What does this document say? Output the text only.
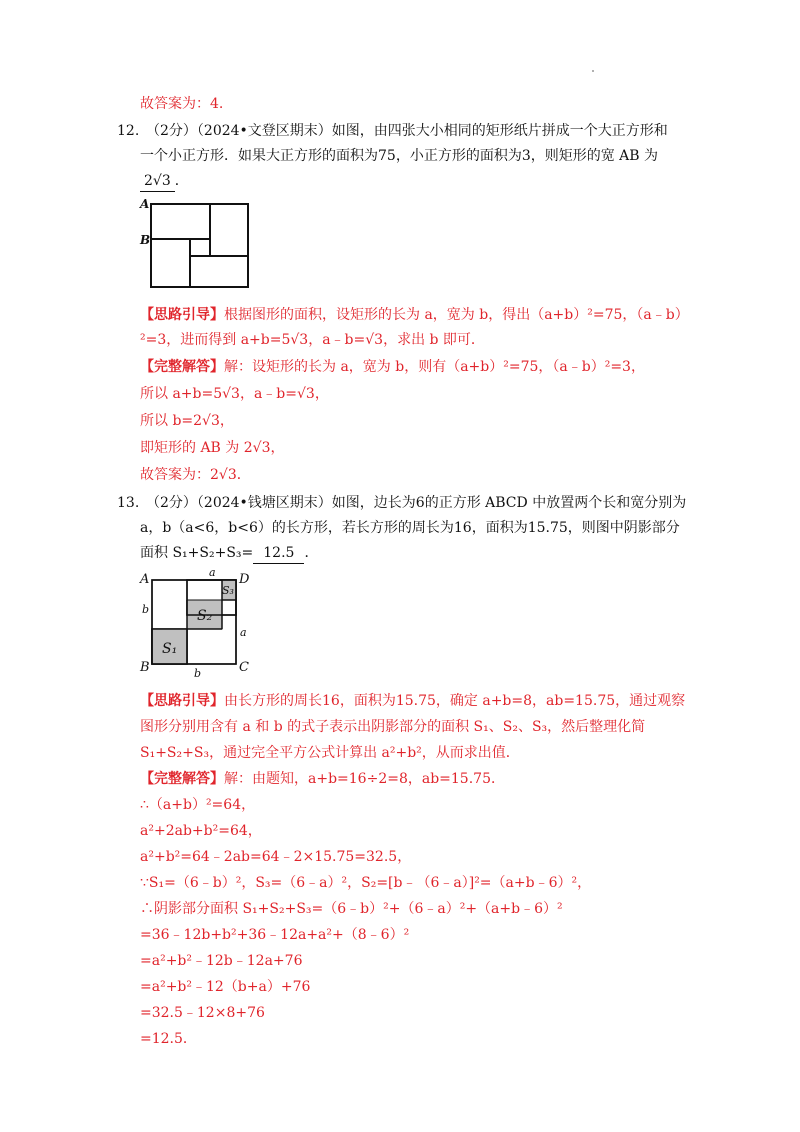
故答案为：4.
12. （2分）（2024•文登区期末）如图，由四张大小相同的矩形纸片拼成一个大正方形和
一个小正方形．如果大正方形的面积为75，小正方形的面积为3，则矩形的宽 AB 为
2√3 ．
A
B
【思路引导】根据图形的面积，设矩形的长为 a，宽为 b，得出（a+b）²=75，（a﹣b）
²=3，进而得到 a+b=5√3，a﹣b=√3，求出 b 即可．
【完整解答】解：设矩形的长为 a，宽为 b，则有（a+b）²=75，（a﹣b）²=3，
所以 a+b=5√3，a﹣b=√3，
所以 b=2√3，
即矩形的 AB 为 2√3，
故答案为：2√3．
13. （2分）（2024•钱塘区期末）如图，边长为6的正方形 ABCD 中放置两个长和宽分别为
a，b（a<6，b<6）的长方形，若长方形的周长为16，面积为15.75，则图中阴影部分
面积 S₁+S₂+S₃= 12.5 ．
A	D
B	C
a
b
a
b
S₁
S₂
S₃
【思路引导】由长方形的周长16，面积为15.75，确定 a+b=8，ab=15.75，通过观察
图形分别用含有 a 和 b 的式子表示出阴影部分的面积 S₁、S₂、S₃，然后整理化简
S₁+S₂+S₃，通过完全平方公式计算出 a²+b²，从而求出值．
【完整解答】解：由题知，a+b=16÷2=8，ab=15.75．
∴（a+b）²=64，
a²+2ab+b²=64，
a²+b²=64﹣2ab=64﹣2×15.75=32.5，
∵S₁=（6﹣b）²，S₃=（6﹣a）²，S₂=[b﹣（6﹣a）]²=（a+b﹣6）²，
∴阴影部分面积 S₁+S₂+S₃=（6﹣b）²+（6﹣a）²+（a+b﹣6）²
=36﹣12b+b²+36﹣12a+a²+（8﹣6）²
=a²+b²﹣12b﹣12a+76
=a²+b²﹣12（b+a）+76
=32.5﹣12×8+76
=12.5．
